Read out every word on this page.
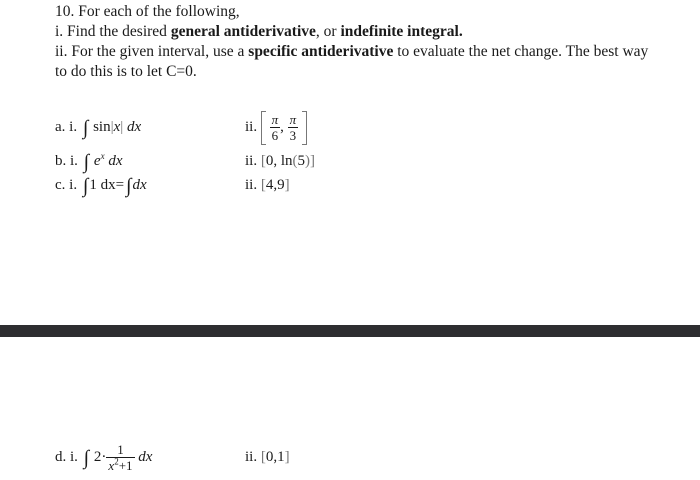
10. For each of the following,
i. Find the desired general antiderivative, or indefinite integral.
ii. For the given interval, use a specific antiderivative to evaluate the net change. The best way
to do this is to let C=0.
a. i. ∫ sin|x| dx	ii. $\frac{\pi}{6}$ , $\frac{\pi}{3}$

b. i. ∫ $e^x$ dx	ii. [0, ln(5)]
c. i. ∫1 dx= ∫dx	ii. [4,9]
d. i. ∫ $2\cdot \frac{1}{x^2+1}$ dx	ii. [0,1]
